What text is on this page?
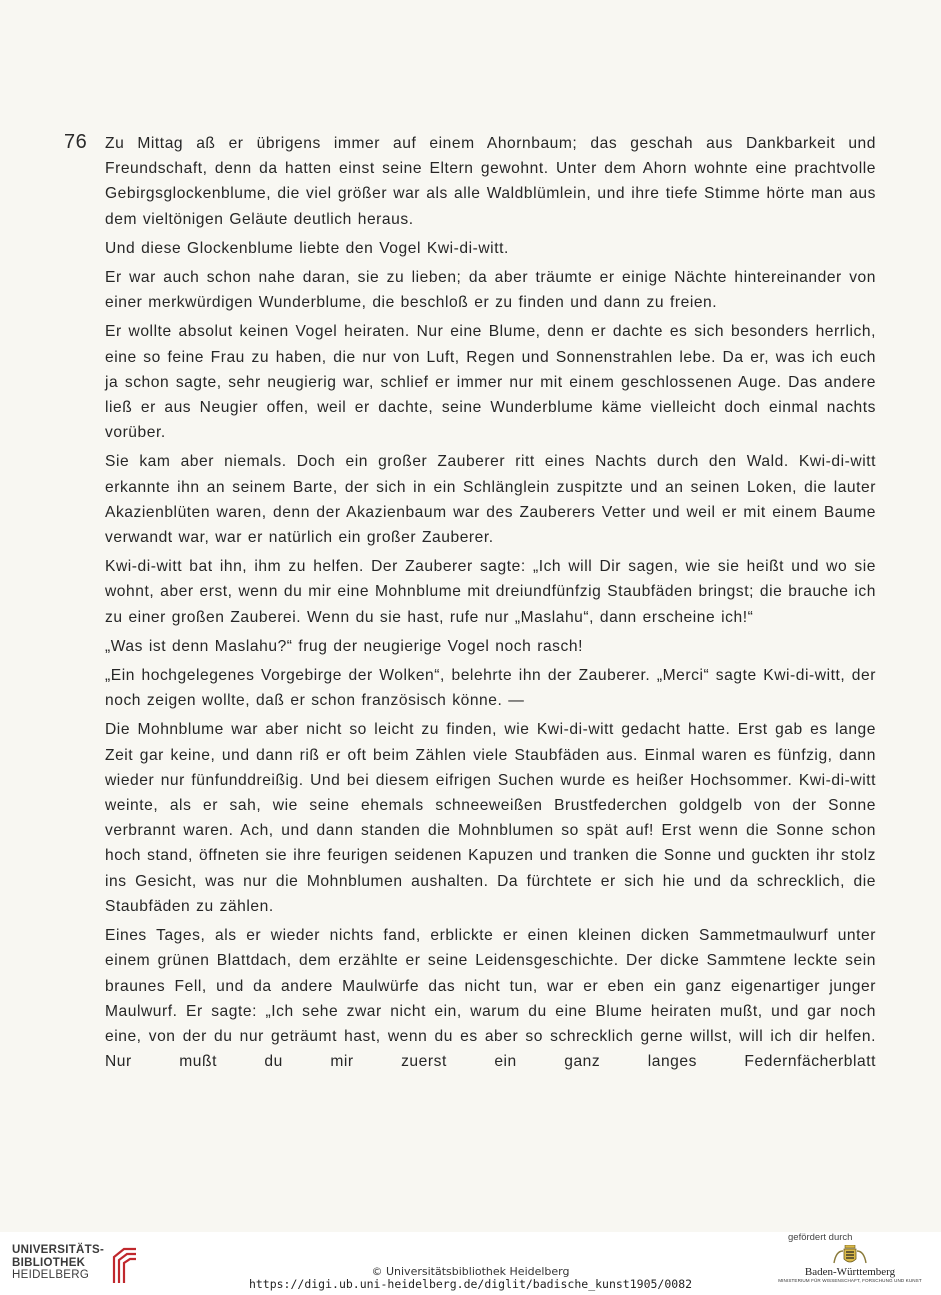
76 Zu Mittag aß er übrigens immer auf einem Ahornbaum; das geschah aus Dankbarkeit und Freundschaft, denn da hatten einst seine Eltern gewohnt. Unter dem Ahorn wohnte eine prachtvolle Gebirgsglockenblume, die viel größer war als alle Waldblümlein, und ihre tiefe Stimme hörte man aus dem vieltönigen Geläute deutlich heraus.

Und diese Glockenblume liebte den Vogel Kwi-di-witt.

Er war auch schon nahe daran, sie zu lieben; da aber träumte er einige Nächte hintereinander von einer merkwürdigen Wunderblume, die beschloß er zu finden und dann zu freien.

Er wollte absolut keinen Vogel heiraten. Nur eine Blume, denn er dachte es sich besonders herrlich, eine so feine Frau zu haben, die nur von Luft, Regen und Sonnenstrahlen lebe. Da er, was ich euch ja schon sagte, sehr neugierig war, schlief er immer nur mit einem geschlossenen Auge. Das andere ließ er aus Neugier offen, weil er dachte, seine Wunderblume käme vielleicht doch einmal nachts vorüber.

Sie kam aber niemals. Doch ein großer Zauberer ritt eines Nachts durch den Wald. Kwi-di-witt erkannte ihn an seinem Barte, der sich in ein Schlänglein zuspitzte und an seinen Loken, die lauter Akazienblüten waren, denn der Akazienbaum war des Zauberers Vetter und weil er mit einem Baume verwandt war, war er natürlich ein großer Zauberer.

Kwi-di-witt bat ihn, ihm zu helfen. Der Zauberer sagte: „Ich will Dir sagen, wie sie heißt und wo sie wohnt, aber erst, wenn du mir eine Mohnblume mit dreiundfünfzig Staubfäden bringst; die brauche ich zu einer großen Zauberei. Wenn du sie hast, rufe nur „Maslahu“, dann erscheine ich!“

„Was ist denn Maslahu?“ frug der neugierige Vogel noch rasch!

„Ein hochgelegenes Vorgebirge der Wolken“, belehrte ihn der Zauberer. „Merci“ sagte Kwi-di-witt, der noch zeigen wollte, daß er schon französisch könne. —

Die Mohnblume war aber nicht so leicht zu finden, wie Kwi-di-witt gedacht hatte. Erst gab es lange Zeit gar keine, und dann riß er oft beim Zählen viele Staubfäden aus. Einmal waren es fünfzig, dann wieder nur fünfunddreißig. Und bei diesem eifrigen Suchen wurde es heißer Hochsommer. Kwi-di-witt weinte, als er sah, wie seine ehemals schneeweißen Brustfederchen goldgelb von der Sonne verbrannt waren. Ach, und dann standen die Mohnblumen so spät auf! Erst wenn die Sonne schon hoch stand, öffneten sie ihre feurigen seidenen Kapuzen und tranken die Sonne und guckten ihr stolz ins Gesicht, was nur die Mohnblumen aushalten. Da fürchtete er sich hie und da schrecklich, die Staubfäden zu zählen.

Eines Tages, als er wieder nichts fand, erblickte er einen kleinen dicken Sammetmaulwurf unter einem grünen Blattdach, dem erzählte er seine Leidensgeschichte. Der dicke Sammtene leckte sein braunes Fell, und da andere Maulwürfe das nicht tun, war er eben ein ganz eigenartiger junger Maulwurf. Er sagte: „Ich sehe zwar nicht ein, warum du eine Blume heiraten mußt, und gar noch eine, von der du nur geträumt hast, wenn du es aber so schrecklich gerne willst, will ich dir helfen. Nur mußt du mir zuerst ein ganz langes Federnfächerblatt

UNIVERSITÄTS-
BIBLIOTHEK
HEIDELBERG	© Universitätsbibliothek Heidelberg
https://digi.ub.uni-heidelberg.de/diglit/badische_kunst1905/0082
gefördert durch
Baden-Württemberg
MINISTERIUM FÜR WISSENSCHAFT, FORSCHUNG UND KUNST
